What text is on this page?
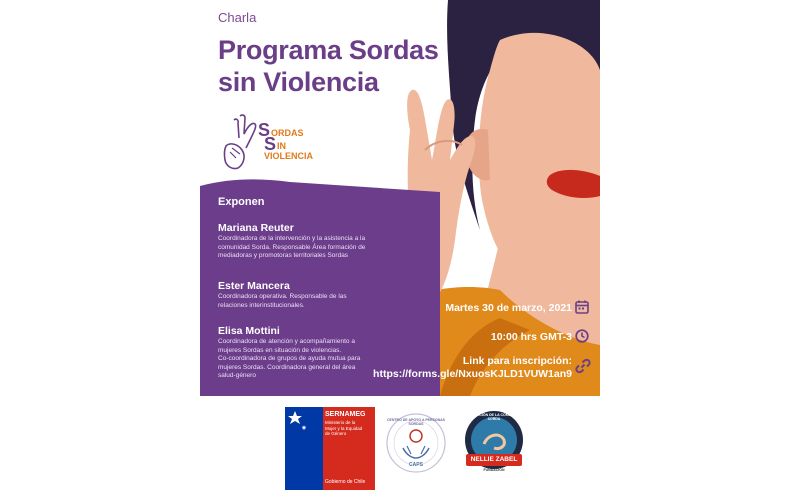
Charla
Programa Sordas
sin Violencia
S ORDAS
S IN
VIOLENCIA
Exponen
Mariana Reuter
Coordinadora de la intervención y la asistencia a la
comunidad Sorda. Responsable Área formación de
mediadoras y promotoras territoriales Sordas
Ester Mancera
Coordinadora operativa. Responsable de las
relaciones interinstitucionales.
Elisa Mottini
Coordinadora de atención y acompañamiento a
mujeres Sordas en situación de violencias.
Co-coordinadora de grupos de ayuda mutua para
mujeres Sordas. Coordinadora general del área
salud-género
Martes 30 de marzo, 2021
10:00 hrs GMT-3
Link para inscripción:
https://forms.gle/NxuosKJLD1VUW1an9
◉
SERNAMEG
Ministerio de la
Mujer y la Equidad
de Género
Gobierno de Chile
CENTRO DE APOYO A PERSONAS SORDAS
CAPS
ASOCIACIÓN DE LA COMUNIDAD SORDA
NELLIE ZABEL
FUNDACIÓN
